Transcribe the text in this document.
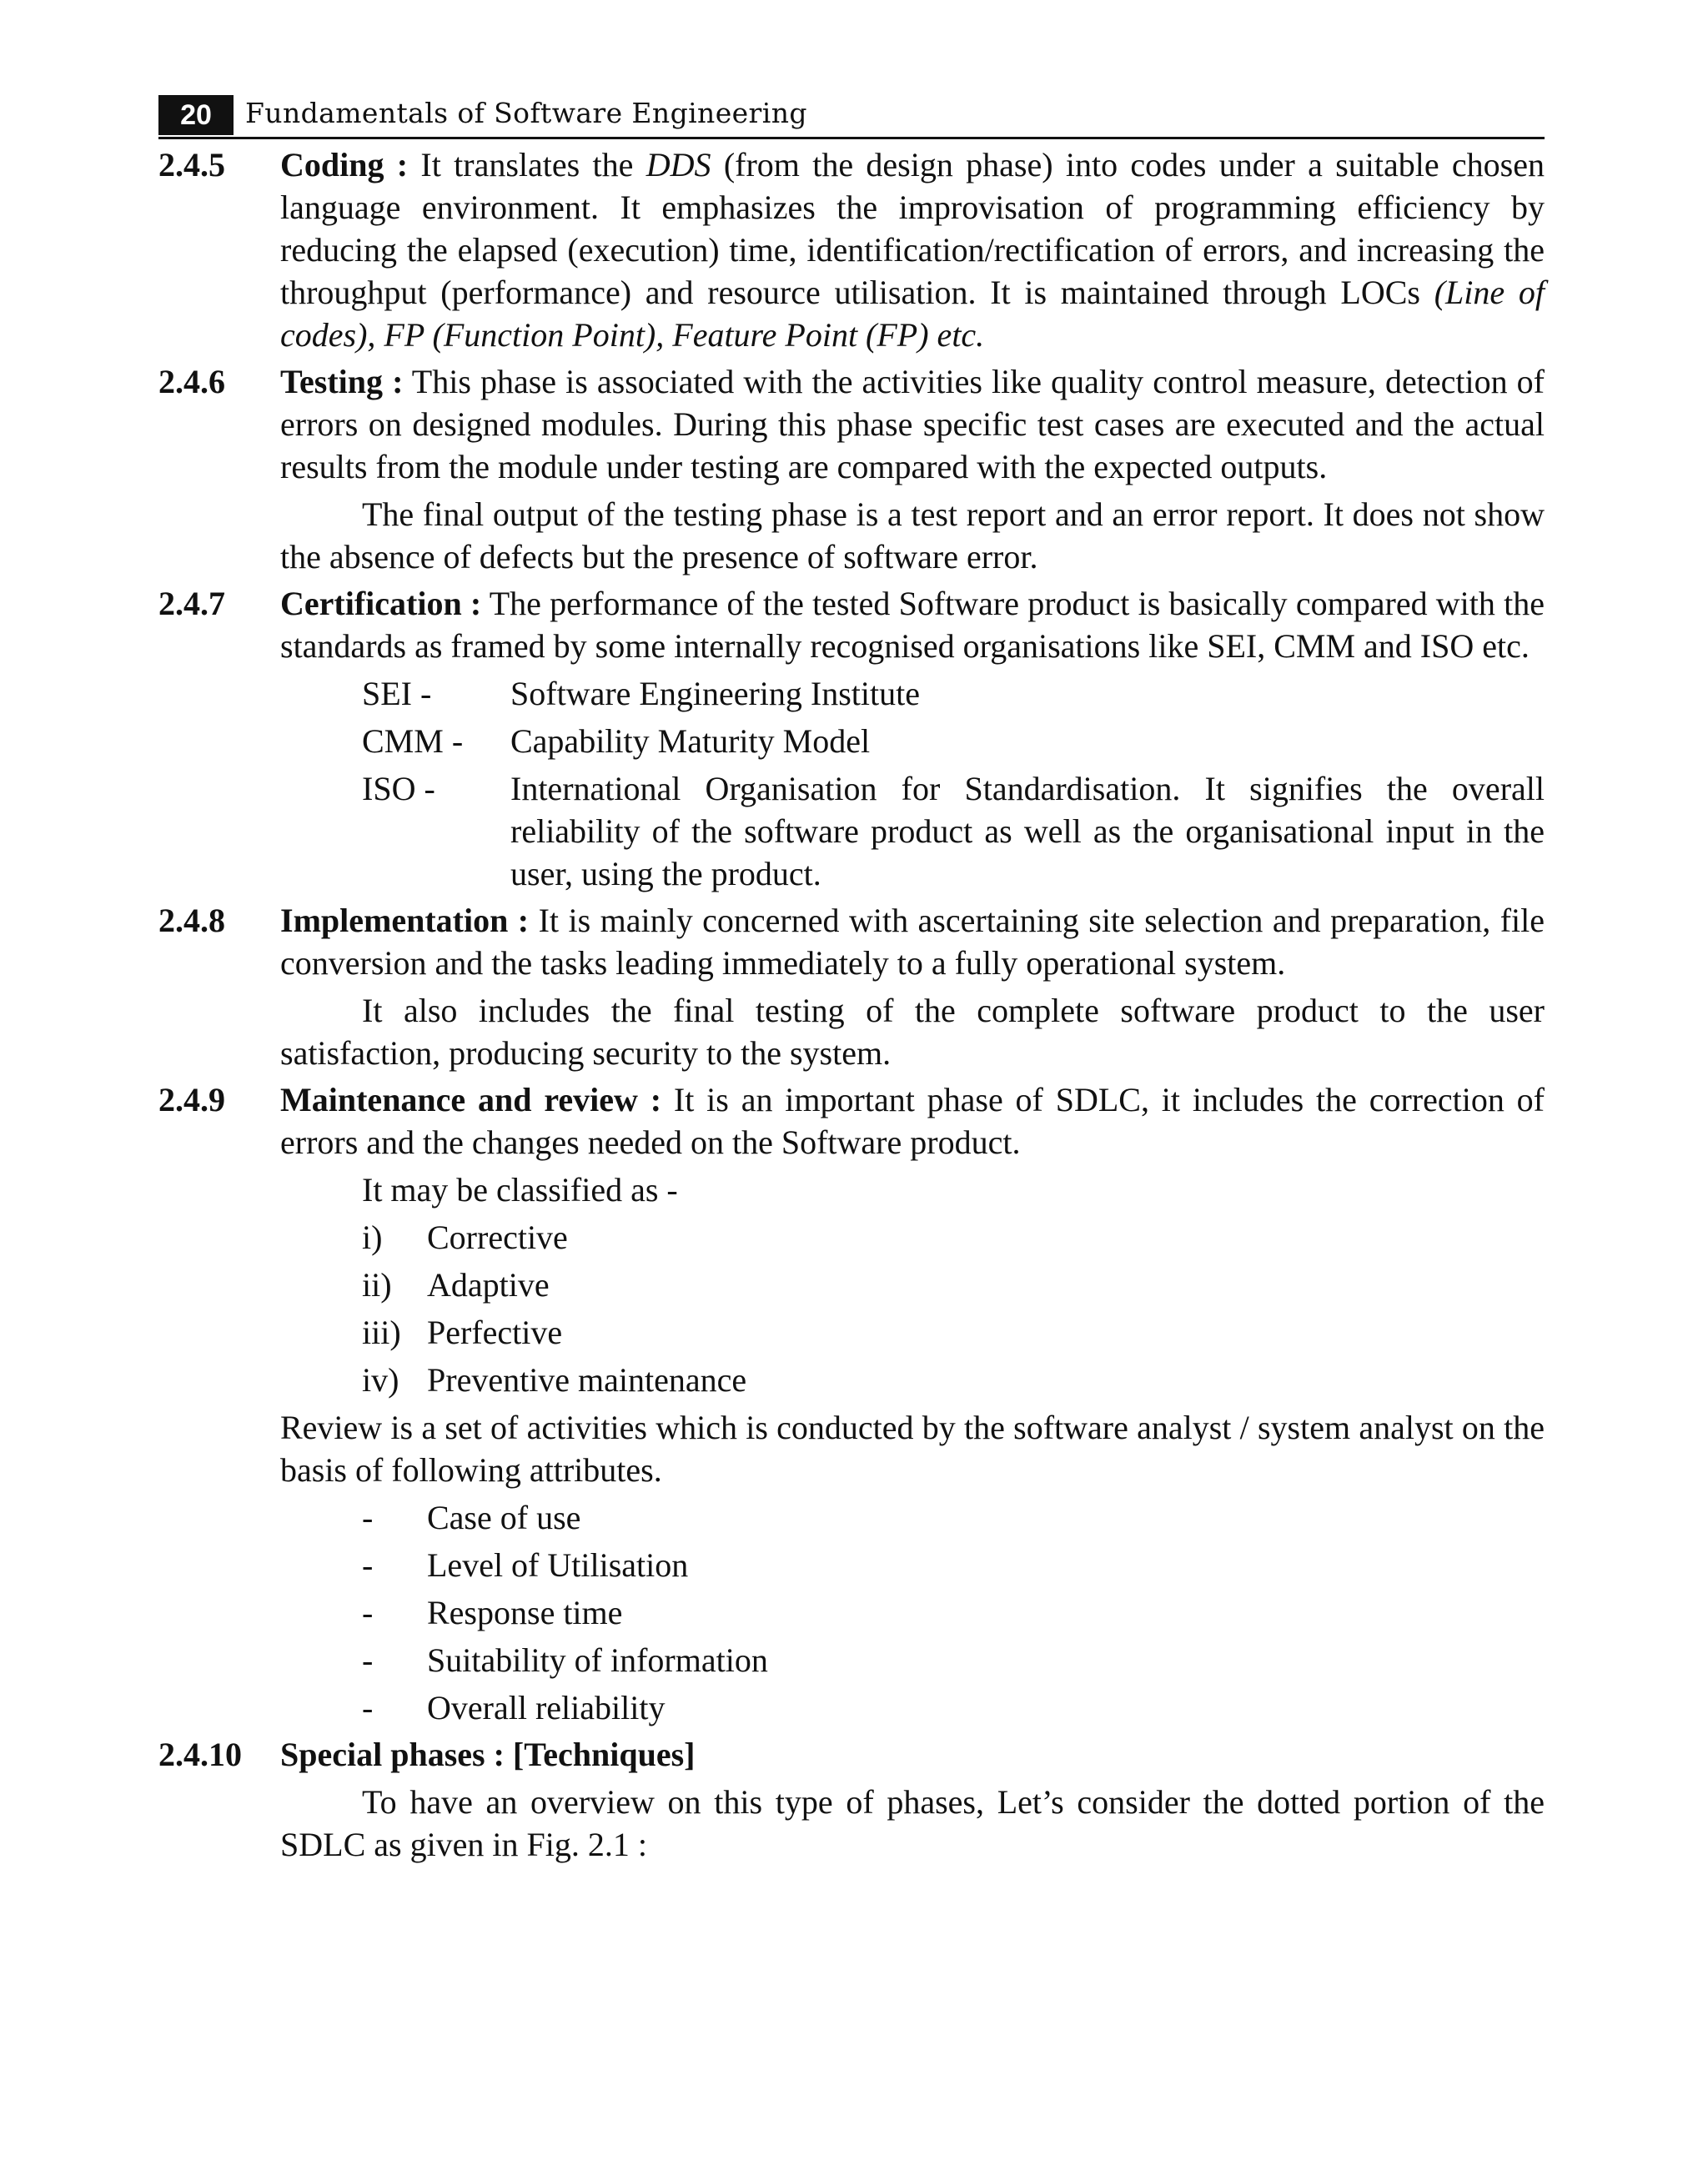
20	Fundamentals of Software Engineering
2.4.5 Coding : It translates the DDS (from the design phase) into codes under a suitable chosen language environment. It emphasizes the improvisation of programming efficiency by reducing the elapsed (execution) time, identification/rectification of errors, and increasing the throughput (performance) and resource utilisation. It is maintained through LOCs (Line of codes), FP (Function Point), Feature Point (FP) etc.

2.4.6 Testing : This phase is associated with the activities like quality control measure, detection of errors on designed modules. During this phase specific test cases are executed and the actual results from the module under testing are compared with the expected outputs.

The final output of the testing phase is a test report and an error report. It does not show the absence of defects but the presence of software error.

2.4.7 Certification : The performance of the tested Software product is basically compared with the standards as framed by some internally recognised organisations like SEI, CMM and ISO etc.

SEI - Software Engineering Institute
CMM - Capability Maturity Model
ISO - International Organisation for Standardisation. It signifies the overall reliability of the software product as well as the organisational input in the user, using the product.
2.4.8 Implementation : It is mainly concerned with ascertaining site selection and preparation, file conversion and the tasks leading immediately to a fully operational system.

It also includes the final testing of the complete software product to the user satisfaction, producing security to the system.

2.4.9 Maintenance and review : It is an important phase of SDLC, it includes the correction of errors and the changes needed on the Software product.

It may be classified as -
i) Corrective
ii) Adaptive
iii) Perfective
iv) Preventive maintenance

Review is a set of activities which is conducted by the software analyst / system analyst on the basis of following attributes.

- Case of use
- Level of Utilisation
- Response time
- Suitability of information
- Overall reliability
2.4.10 Special phases : [Techniques]

To have an overview on this type of phases, Let’s consider the dotted portion of the SDLC as given in Fig. 2.1 :
